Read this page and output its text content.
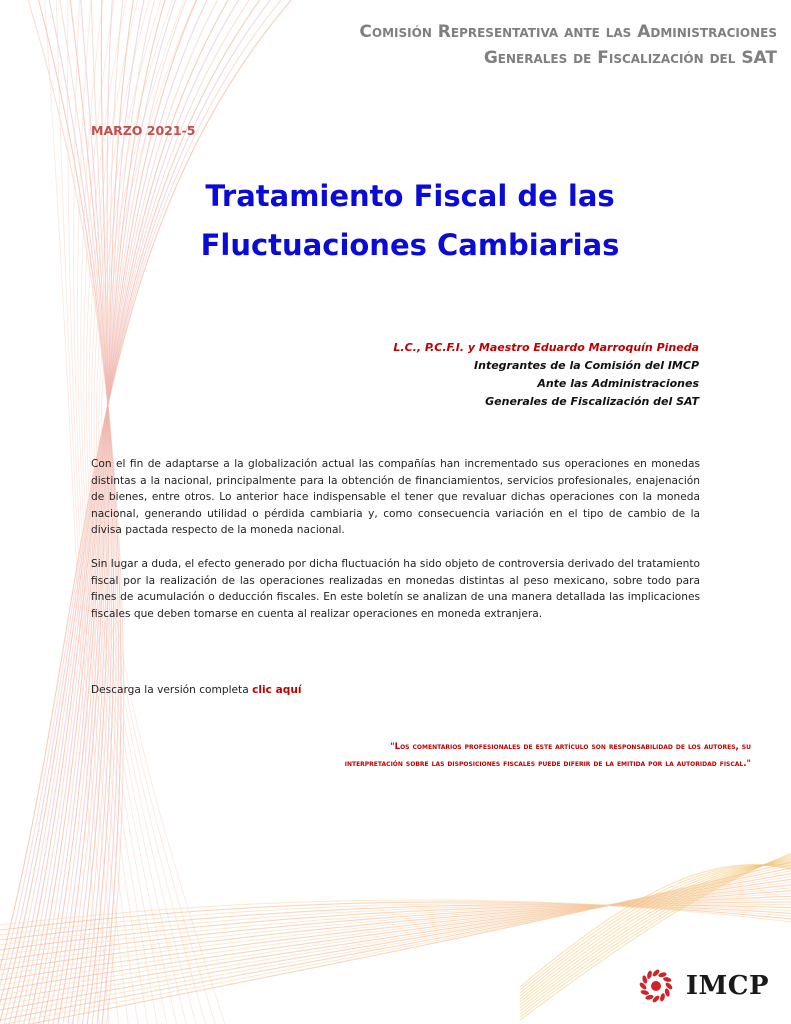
Comisión Representativa ante las Administraciones
Generales de Fiscalización del SAT
MARZO 2021-5
Tratamiento Fiscal de las
Fluctuaciones Cambiarias
L.C., P.C.F.I. y Maestro Eduardo Marroquín Pineda
Integrantes de la Comisión del IMCP
Ante las Administraciones
Generales de Fiscalización del SAT

Con el fin de adaptarse a la globalización actual las compañías han incrementado sus operaciones en monedas distintas a la nacional, principalmente para la obtención de financiamientos, servicios profesionales, enajenación de bienes, entre otros. Lo anterior hace indispensable el tener que revaluar dichas operaciones con la moneda nacional, generando utilidad o pérdida cambiaria y, como consecuencia variación en el tipo de cambio de la divisa pactada respecto de la moneda nacional.

Sin lugar a duda, el efecto generado por dicha fluctuación ha sido objeto de controversia derivado del tratamiento fiscal por la realización de las operaciones realizadas en monedas distintas al peso mexicano, sobre todo para fines de acumulación o deducción fiscales. En este boletín se analizan de una manera detallada las implicaciones fiscales que deben tomarse en cuenta al realizar operaciones en moneda extranjera.

Descarga la versión completa clic aquí
"Los comentarios profesionales de este artículo son responsabilidad de los autores, su
interpretación sobre las disposiciones fiscales puede diferir de la emitida por la autoridad fiscal."
IMCP
